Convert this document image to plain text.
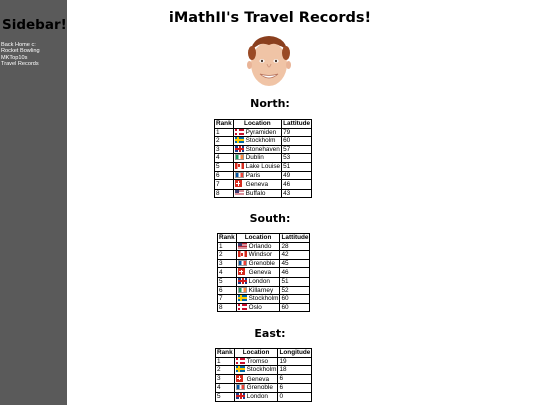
Sidebar!
Back Home c:
Rocket Bowling
MKTop10s
Travel Records
iMathII's Travel Records!
North:
Rank	Location	Lattitude
1	Pyramiden	79
2	Stockholm	60
3	Stonehaven	57
4	Dublin	53
5	Lake Louise	51
6	Paris	49
7	Geneva	46
8	Buffalo	43
South:
Rank	Location	Lattitude
1	Orlando	28
2	Windsor	42
3	Grenoble	45
4	Geneva	46
5	London	51
6	Killarney	52
7	Stockholm	60
8	Oslo	60
East:
Rank	Location	Longitude
1	Tromso	19
2	Stockholm	18
3	Geneva	6
4	Grenoble	6
5	London	0
